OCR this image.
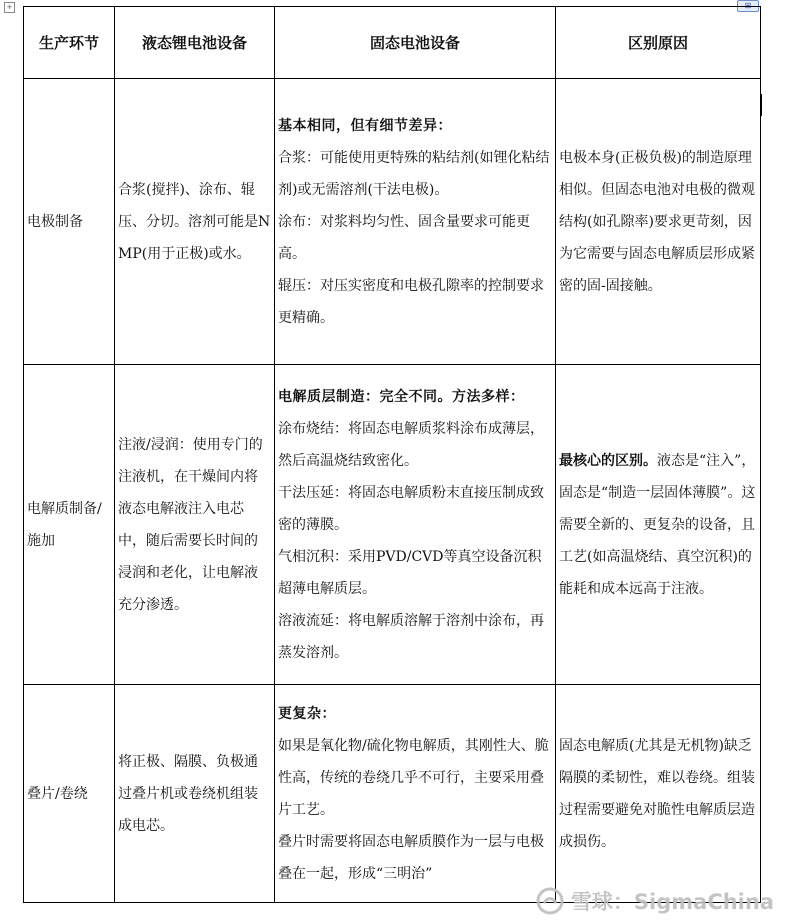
+	⊞
生产环节	液态锂电池设备	固态电池设备	区别原因
电极制备	合浆(搅拌)、涂布、辊压、分切。溶剂可能是NMP(用于正极)或水。	基本相同，但有细节差异：

合浆：可能使用更特殊的粘结剂(如锂化粘结剂)或无需溶剂(干法电极)。

涂布：对浆料均匀性、固含量要求可能更高。

辊压：对压实密度和电极孔隙率的控制要求更精确。	电极本身(正极负极)的制造原理相似。但固态电池对电极的微观结构(如孔隙率)要求更苛刻，因为它需要与固态电解质层形成紧密的固-固接触。
电解质制备/施加	注液/浸润：使用专门的注液机，在干燥间内将液态电解液注入电芯中，随后需要长时间的浸润和老化，让电解液充分渗透。	电解质层制造：完全不同。方法多样：

涂布烧结：将固态电解质浆料涂布成薄层，然后高温烧结致密化。

干法压延：将固态电解质粉末直接压制成致密的薄膜。

气相沉积：采用PVD/CVD等真空设备沉积超薄电解质层。

溶液流延：将电解质溶解于溶剂中涂布，再蒸发溶剂。	最核心的区别。液态是“注入”，固态是“制造一层固体薄膜”。这需要全新的、更复杂的设备，且工艺(如高温烧结、真空沉积)的能耗和成本远高于注液。
叠片/卷绕	将正极、隔膜、负极通过叠片机或卷绕机组装成电芯。	更复杂：

如果是氧化物/硫化物电解质，其刚性大、脆性高，传统的卷绕几乎不可行，主要采用叠片工艺。

叠片时需要将固态电解质膜作为一层与电极叠在一起，形成“三明治”	固态电解质(尤其是无机物)缺乏隔膜的柔韧性，难以卷绕。组装过程需要避免对脆性电解质层造成损伤。
雪球：SigmaChina
